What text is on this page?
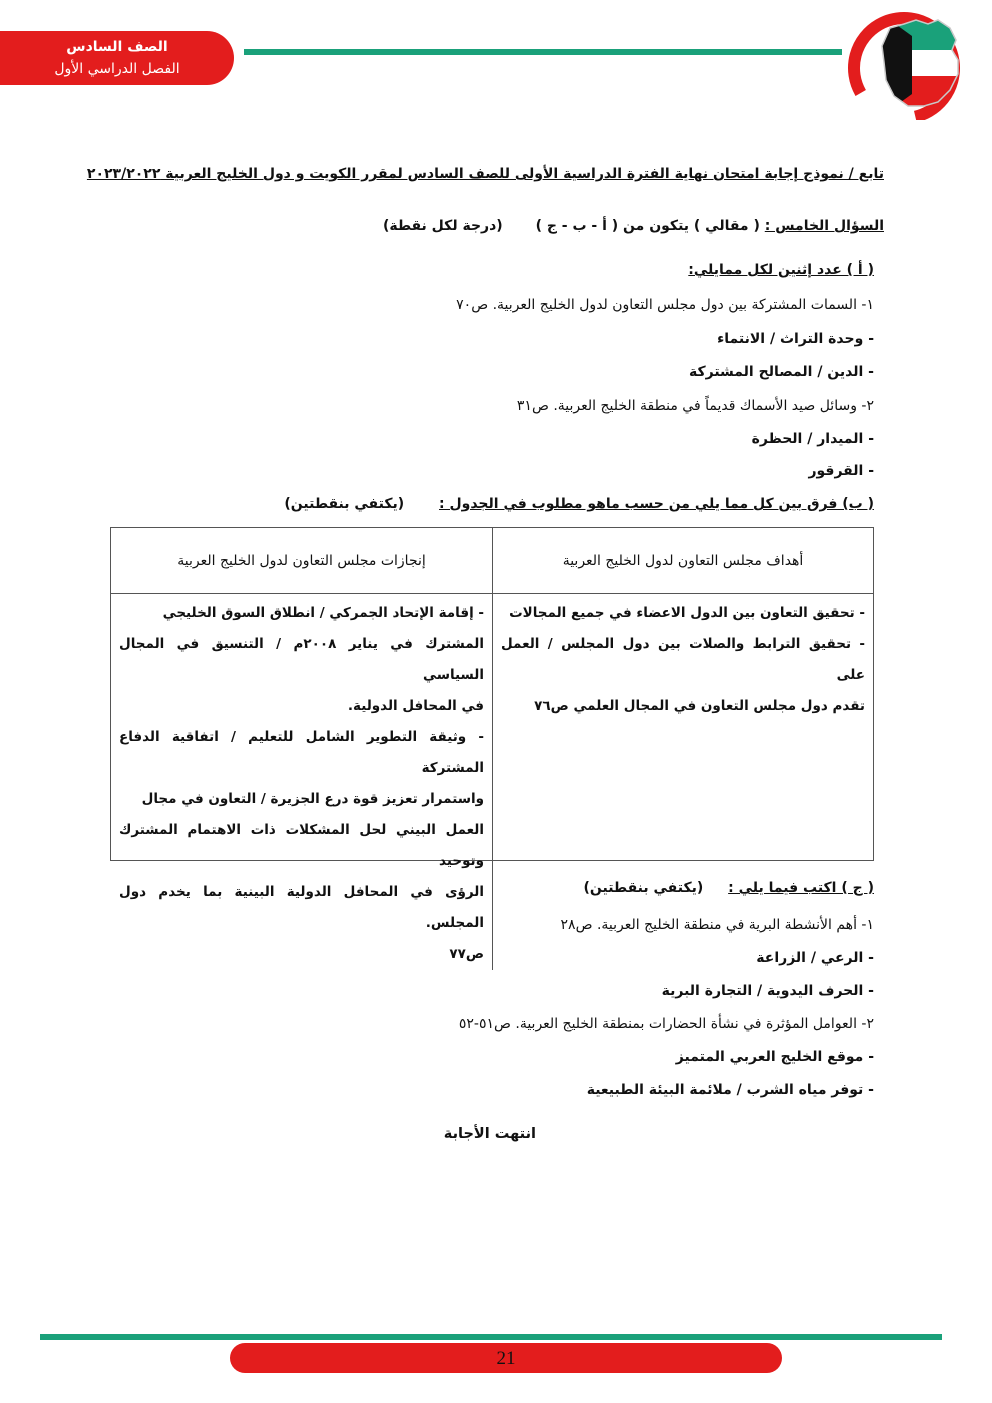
الصف السادس
الفصل الدراسي الأول
تابع / نموذج إجابة امتحان نهاية الفترة الدراسية الأولى للصف السادس لمقرر الكويت و دول الخليج العربية ٢٠٢٣/٢٠٢٢
السؤال الخامس : ( مقالي ) يتكون من ( أ - ب - ج ) (درجة لكل نقطة)
( أ ) عدد إثنين لكل ممايلي:
١- السمات المشتركة بين دول مجلس التعاون لدول الخليج العربية. ص٧٠
- وحدة التراث / الانتماء
- الدين / المصالح المشتركة
٢- وسائل صيد الأسماك قديماً في منطقة الخليج العربية. ص٣١
- الميدار / الحظرة
- القرقور
( ب) فرق بين كل مما يلي من حسب ماهو مطلوب في الجدول : (يكتفي بنقطتين)
أهداف مجلس التعاون لدول الخليج العربية
إنجازات مجلس التعاون لدول الخليج العربية
- تحقيق التعاون بين الدول الاعضاء في جميع المجالات
- تحقيق الترابط والصلات بين دول المجلس / العمل على
تقدم دول مجلس التعاون في المجال العلمي ص٧٦
- إقامة الإتحاد الجمركي / انطلاق السوق الخليجي
المشترك في يناير ٢٠٠٨م / التنسيق في المجال السياسي
في المحافل الدولية.
- وثيقة التطوير الشامل للتعليم / اتفاقية الدفاع المشتركة
واستمرار تعزيز قوة درع الجزيرة / التعاون في مجال
العمل البيني لحل المشكلات ذات الاهتمام المشترك وتوحيد
الرؤى في المحافل الدولية البينية بما يخدم دول المجلس.
ص٧٧
( ج ) اكتب فيما يلي : (يكتفي بنقطتين)
١- أهم الأنشطة البرية في منطقة الخليج العربية. ص٢٨
- الرعي / الزراعة
- الحرف اليدوية / التجارة البرية
٢- العوامل المؤثرة في نشأة الحضارات بمنطقة الخليج العربية. ص٥١-٥٢
- موقع الخليج العربي المتميز
- توفر مياه الشرب / ملائمة البيئة الطبيعية
انتهت الأجابة
21
